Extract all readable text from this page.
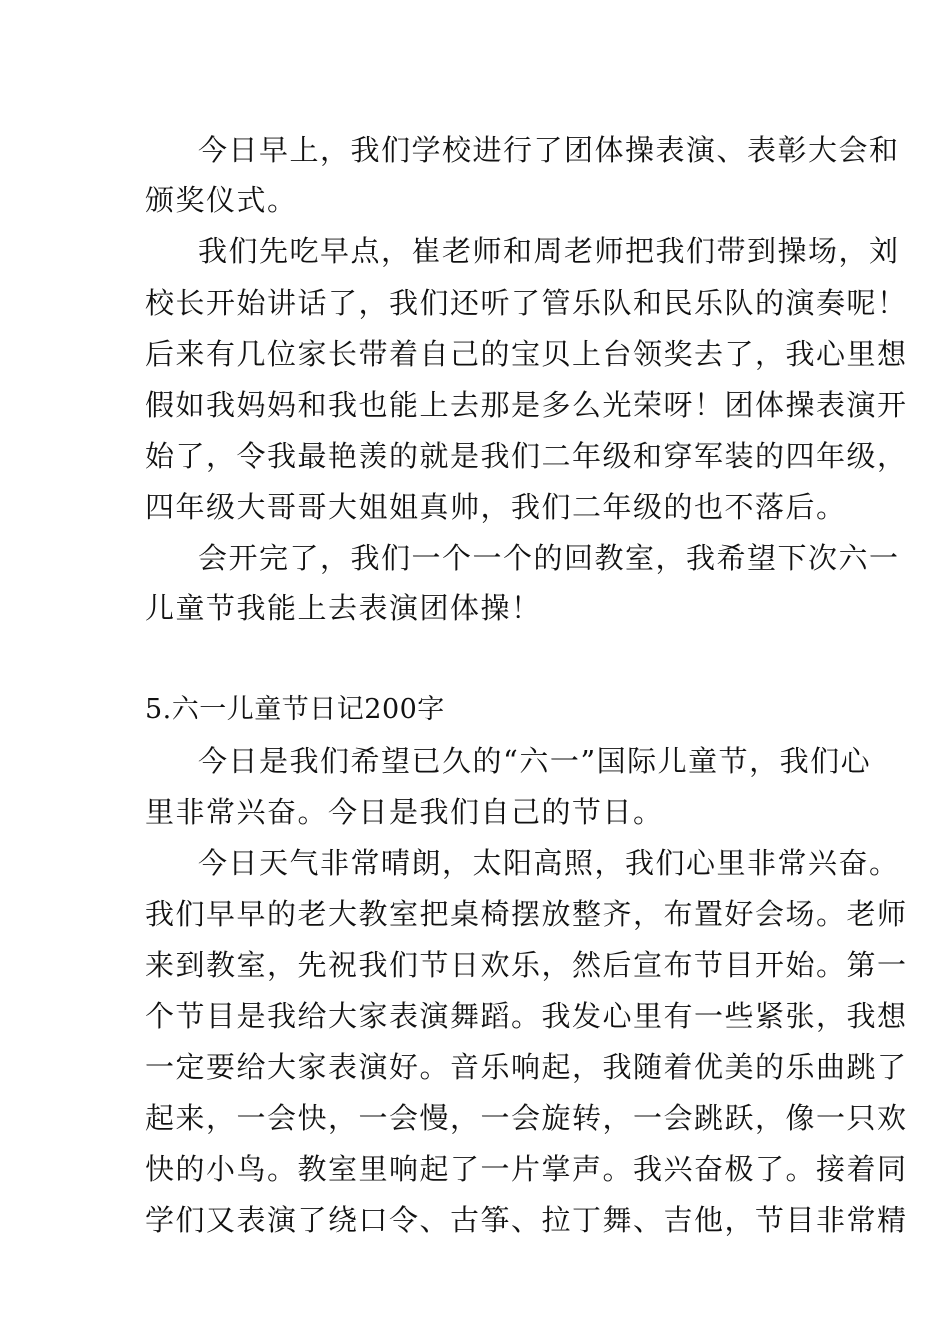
今日早上，我们学校进行了团体操表演、表彰大会和
颁奖仪式。
我们先吃早点，崔老师和周老师把我们带到操场，刘
校长开始讲话了，我们还听了管乐队和民乐队的演奏呢！
后来有几位家长带着自己的宝贝上台领奖去了，我心里想
假如我妈妈和我也能上去那是多么光荣呀！团体操表演开
始了，令我最艳羡的就是我们二年级和穿军装的四年级，
四年级大哥哥大姐姐真帅，我们二年级的也不落后。
会开完了，我们一个一个的回教室，我希望下次六一
儿童节我能上去表演团体操！
5.六一儿童节日记200字
今日是我们希望已久的“六一”国际儿童节，我们心
里非常兴奋。今日是我们自己的节日。
今日天气非常晴朗，太阳高照，我们心里非常兴奋。
我们早早的老大教室把桌椅摆放整齐，布置好会场。老师
来到教室，先祝我们节日欢乐，然后宣布节目开始。第一
个节目是我给大家表演舞蹈。我发心里有一些紧张，我想
一定要给大家表演好。音乐响起，我随着优美的乐曲跳了
起来，一会快，一会慢，一会旋转，一会跳跃，像一只欢
快的小鸟。教室里响起了一片掌声。我兴奋极了。接着同
学们又表演了绕口令、古筝、拉丁舞、吉他，节目非常精
